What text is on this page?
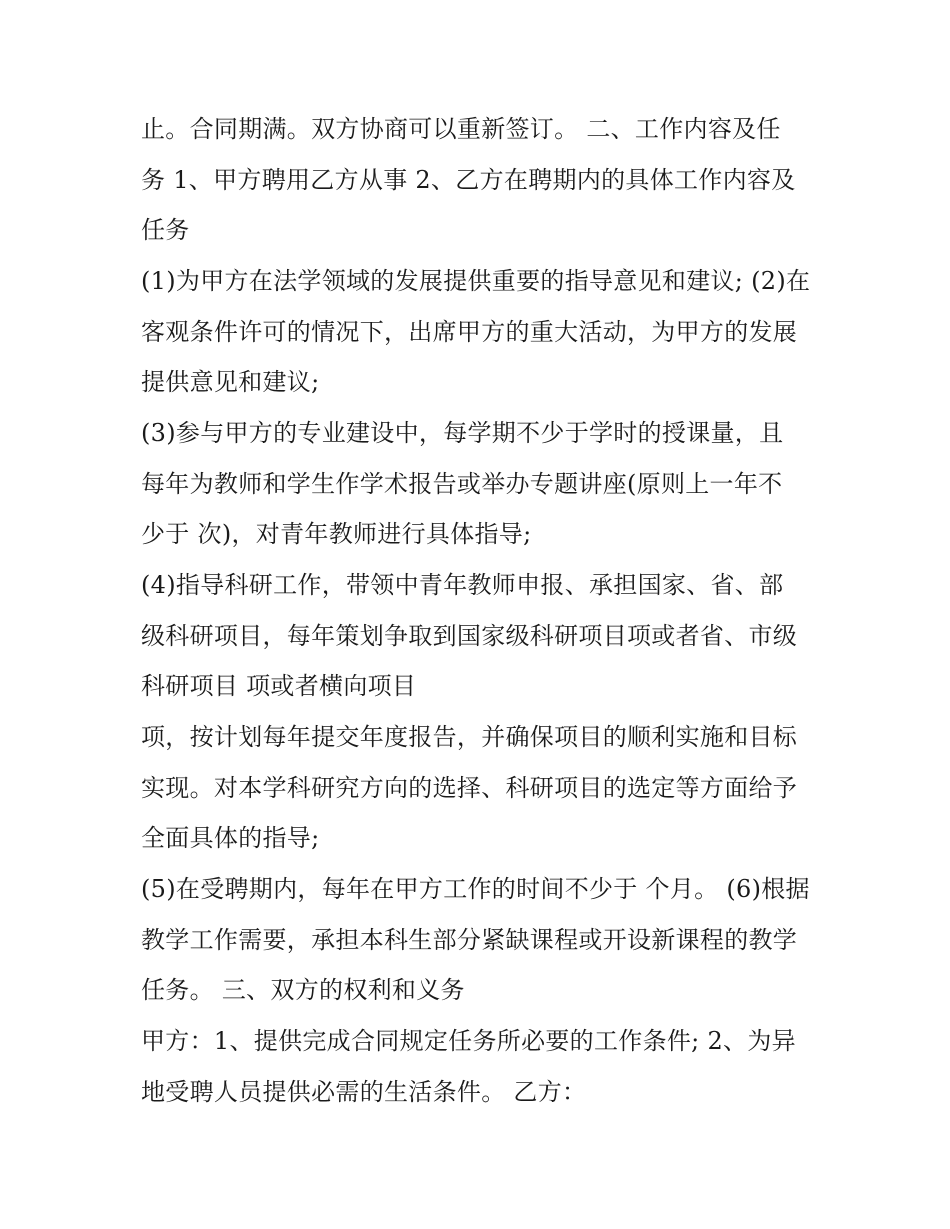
止。合同期满。双方协商可以重新签订。 二、工作内容及任

务 1、甲方聘用乙方从事 2、乙方在聘期内的具体工作内容及

任务

(1)为甲方在法学领域的发展提供重要的指导意见和建议; (2)在

客观条件许可的情况下，出席甲方的重大活动，为甲方的发展

提供意见和建议;

(3)参与甲方的专业建设中，每学期不少于学时的授课量，且

每年为教师和学生作学术报告或举办专题讲座(原则上一年不

少于 次)，对青年教师进行具体指导;

(4)指导科研工作，带领中青年教师申报、承担国家、省、部

级科研项目，每年策划争取到国家级科研项目项或者省、市级

科研项目 项或者横向项目

项，按计划每年提交年度报告，并确保项目的顺利实施和目标

实现。对本学科研究方向的选择、科研项目的选定等方面给予

全面具体的指导;

(5)在受聘期内，每年在甲方工作的时间不少于 个月。 (6)根据

教学工作需要，承担本科生部分紧缺课程或开设新课程的教学

任务。 三、双方的权利和义务

甲方：1、提供完成合同规定任务所必要的工作条件; 2、为异

地受聘人员提供必需的生活条件。 乙方：
